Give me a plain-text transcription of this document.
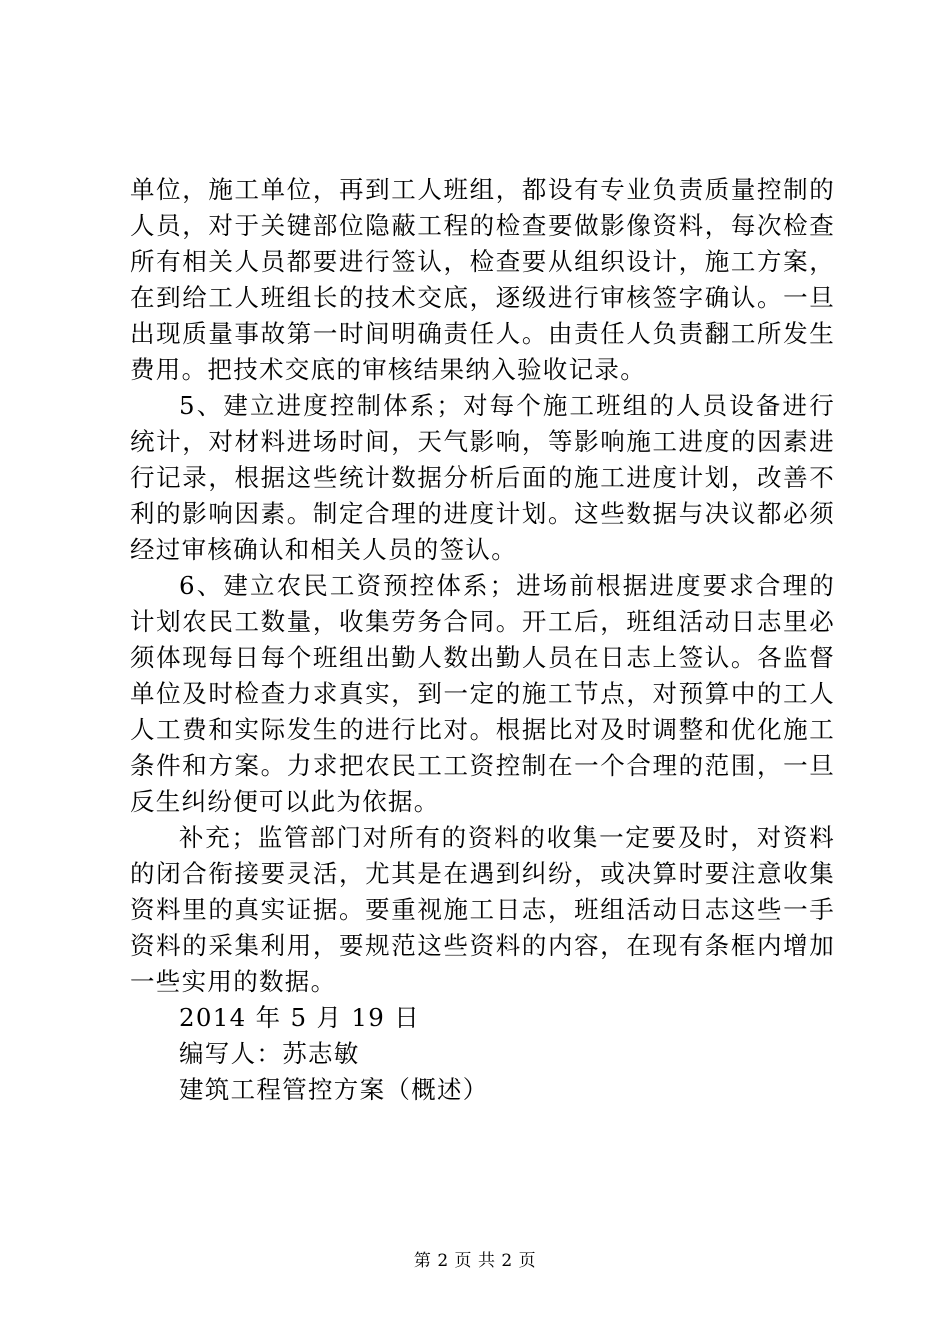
单位，施工单位，再到工人班组，都设有专业负责质量控制的人员，对于关键部位隐蔽工程的检查要做影像资料，每次检查所有相关人员都要进行签认，检查要从组织设计，施工方案，在到给工人班组长的技术交底，逐级进行审核签字确认。一旦出现质量事故第一时间明确责任人。由责任人负责翻工所发生费用。把技术交底的审核结果纳入验收记录。

5、建立进度控制体系；对每个施工班组的人员设备进行统计，对材料进场时间，天气影响，等影响施工进度的因素进行记录，根据这些统计数据分析后面的施工进度计划，改善不利的影响因素。制定合理的进度计划。这些数据与决议都必须经过审核确认和相关人员的签认。

6、建立农民工资预控体系；进场前根据进度要求合理的计划农民工数量，收集劳务合同。开工后，班组活动日志里必须体现每日每个班组出勤人数出勤人员在日志上签认。各监督单位及时检查力求真实，到一定的施工节点，对预算中的工人人工费和实际发生的进行比对。根据比对及时调整和优化施工条件和方案。力求把农民工工资控制在一个合理的范围，一旦反生纠纷便可以此为依据。

补充；监管部门对所有的资料的收集一定要及时，对资料的闭合衔接要灵活，尤其是在遇到纠纷，或决算时要注意收集资料里的真实证据。要重视施工日志，班组活动日志这些一手资料的采集利用，要规范这些资料的内容，在现有条框内增加一些实用的数据。

2014 年 5 月 19 日

编写人：苏志敏

建筑工程管控方案（概述）

第 2 页 共 2 页
